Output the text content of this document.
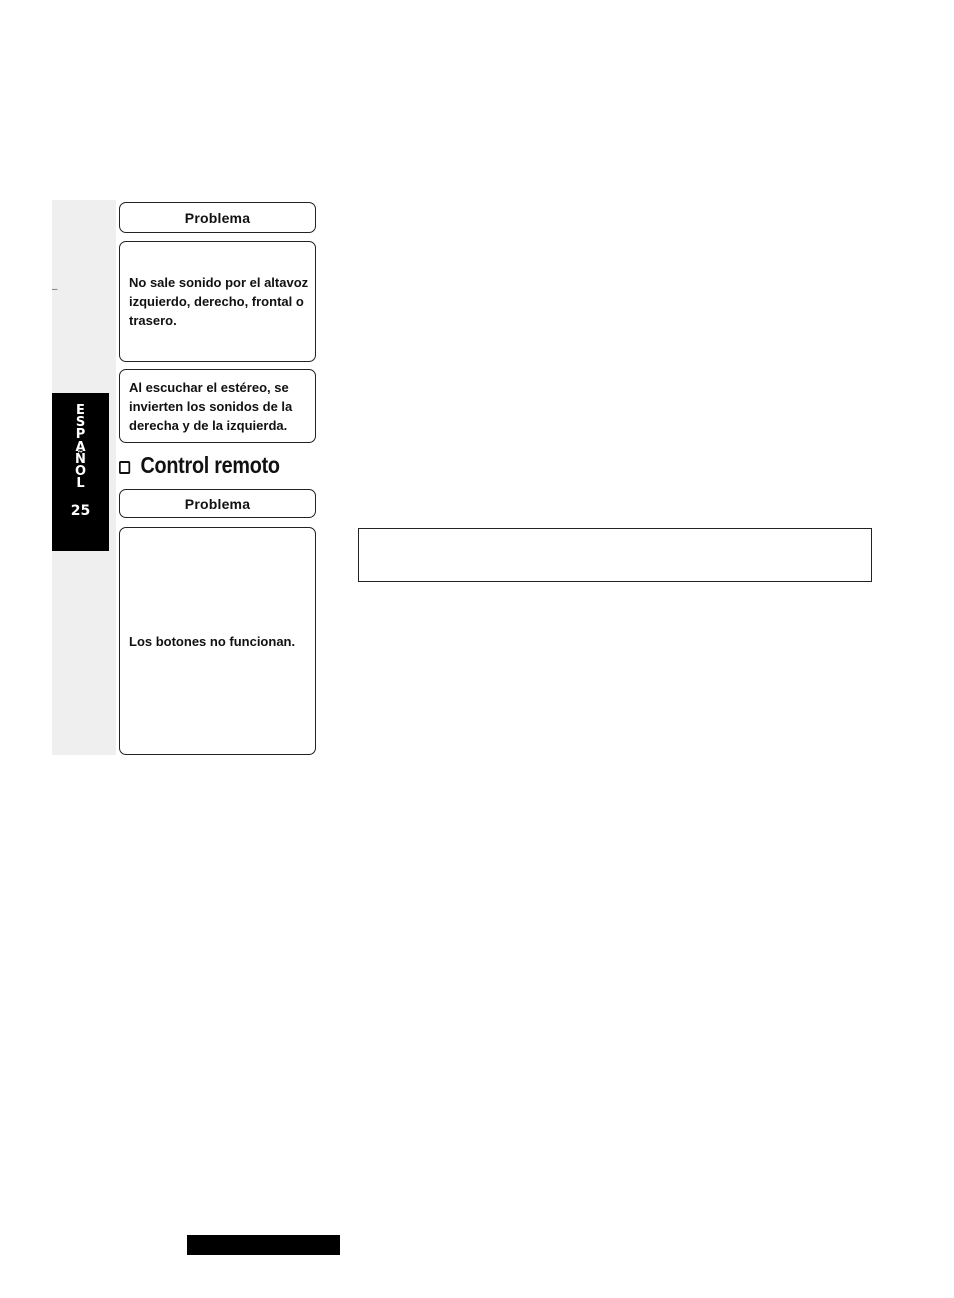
–
E
S
P
A
Ñ
O
L
25
Problema
No sale sonido por el altavoz izquierdo, derecho, frontal o trasero.
Al escuchar el estéreo, se invierten los sonidos de la derecha y de la izquierda.
Control remoto
Problema
Los botones no funcionan.
